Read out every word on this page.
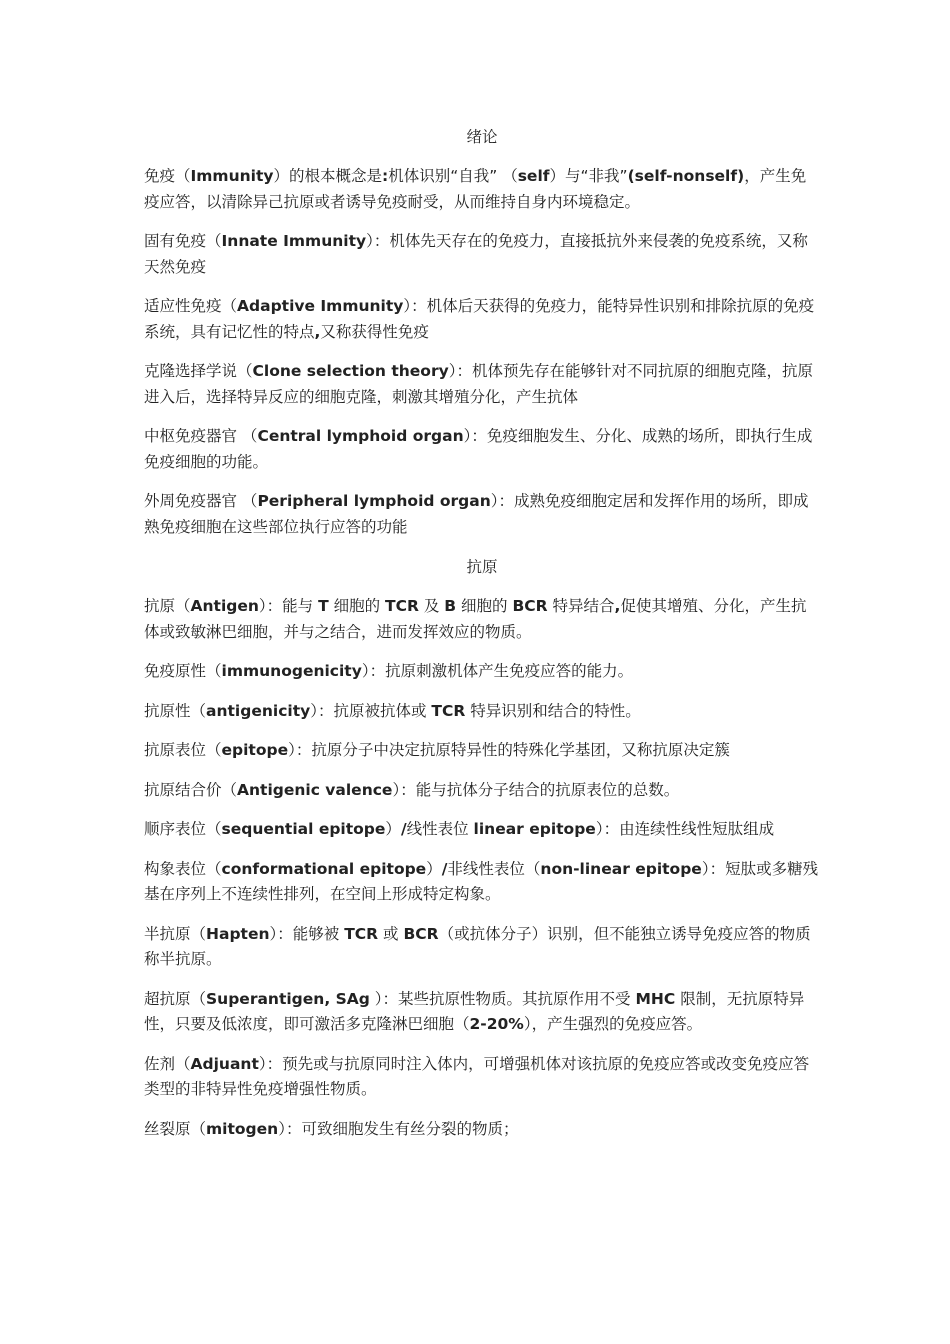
绪论

免疫（Immunity）的根本概念是:机体识别“自我” （self）与“非我”(self-nonself)，产生免疫应答，以清除异己抗原或者诱导免疫耐受，从而维持自身内环境稳定。

固有免疫（Innate Immunity）：机体先天存在的免疫力，直接抵抗外来侵袭的免疫系统，又称天然免疫

适应性免疫（Adaptive Immunity）：机体后天获得的免疫力，能特异性识别和排除抗原的免疫系统，具有记忆性的特点,又称获得性免疫

克隆选择学说（Clone selection theory）：机体预先存在能够针对不同抗原的细胞克隆，抗原进入后，选择特异反应的细胞克隆，刺激其增殖分化，产生抗体

中枢免疫器官 （Central lymphoid organ）：免疫细胞发生、分化、成熟的场所，即执行生成免疫细胞的功能。

外周免疫器官 （Peripheral lymphoid organ）：成熟免疫细胞定居和发挥作用的场所，即成熟免疫细胞在这些部位执行应答的功能

抗原

抗原（Antigen）：能与 T 细胞的 TCR 及 B 细胞的 BCR 特异结合,促使其增殖、分化，产生抗体或致敏淋巴细胞，并与之结合，进而发挥效应的物质。

免疫原性（immunogenicity）：抗原刺激机体产生免疫应答的能力。

抗原性（antigenicity）：抗原被抗体或 TCR 特异识别和结合的特性。

抗原表位（epitope）：抗原分子中决定抗原特异性的特殊化学基团，又称抗原决定簇

抗原结合价（Antigenic valence）：能与抗体分子结合的抗原表位的总数。

顺序表位（sequential epitope）/线性表位 linear epitope）：由连续性线性短肽组成

构象表位（conformational epitope）/非线性表位（non-linear epitope）：短肽或多糖残基在序列上不连续性排列，在空间上形成特定构象。

半抗原（Hapten）：能够被 TCR 或 BCR（或抗体分子）识别，但不能独立诱导免疫应答的物质称半抗原。

超抗原（Superantigen, SAg ）：某些抗原性物质。其抗原作用不受 MHC 限制，无抗原特异性，只要及低浓度，即可激活多克隆淋巴细胞（2-20%），产生强烈的免疫应答。

佐剂（Adjuant）：预先或与抗原同时注入体内，可增强机体对该抗原的免疫应答或改变免疫应答类型的非特异性免疫增强性物质。

丝裂原（mitogen）：可致细胞发生有丝分裂的物质；
